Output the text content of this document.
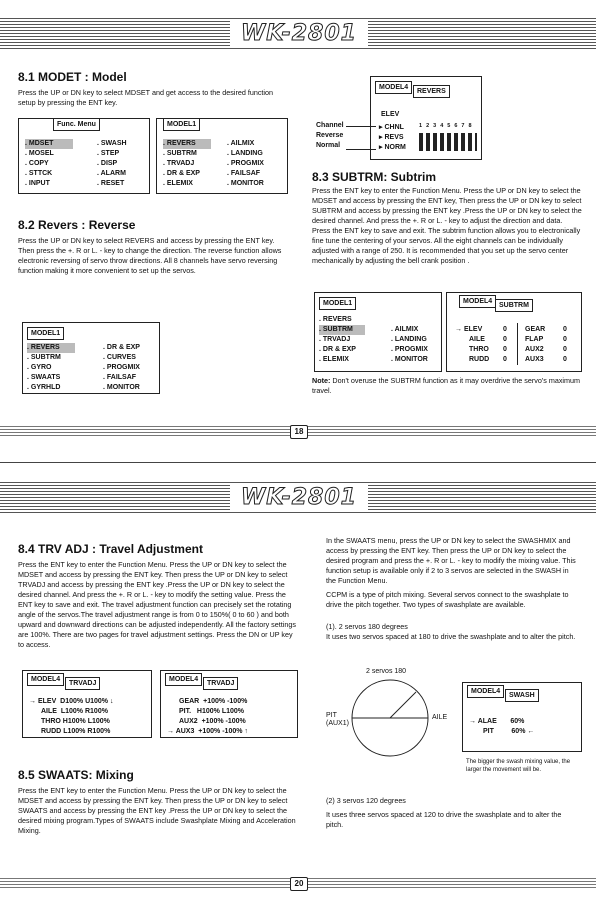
WK-2801
8.1 MODET : Model

Press the UP or DN key to select MDSET and get access to the desired function setup by pressing the ENT key.

Func. Menu
. MDSET
. MOSEL
. COPY
. STTCK
. INPUT
. SWASH
. STEP
. DISP
. ALARM
. RESET
MODEL1
. REVERS
. SUBTRM
. TRVADJ
. DR & EXP
. ELEMIX
. AILMIX
. LANDING
. PROGMIX
. FAILSAF
. MONITOR
MODEL4
REVERS
ELEV
▸ CHNL
▸ REVS
▸ NORM
12345678
Channel
Reverse
Normal
8.2 Revers : Reverse

Press the UP or DN key to select REVERS and access by pressing the ENT key. Then press the +. R or L. - key to change the direction. The reverse function allows electronic reversing of servo throw directions. All 8 channels have servo reversing function making it more convenient to set up the servos.

MODEL1
. REVERS
. SUBTRM
. GYRO
. SWAATS
. GYRHLD
. DR & EXP
. CURVES
. PROGMIX
. FAILSAF
. MONITOR
8.3 SUBTRM: Subtrim

Press the ENT key to enter the Function Menu. Press the UP or DN key to select the MDSET and access by pressing the ENT key, Then press the UP or DN key to select SUBTRM and access by pressing the ENT key .Press the UP or DN key to select the desired channel. And press the +. R or L. - key to adjust the direction and data. Press the ENT key to save and exit. The subtrim function allows you to electronically fine tune the centering of your servos. All the eight channels can be individually adjusted with a range of 250. It is recommended that you set up the servo center mechanically by adjusting the bell crank position .

MODEL1
. REVERS
. SUBTRM
. TRVADJ
. DR & EXP
. ELEMIX
. AILMIX
. LANDING
. PROGMIX
. MONITOR
MODEL4
SUBTRM
→ ELEV
AILE
THRO
RUDD
0
0
0
0
GEAR
FLAP
AUX2
AUX3
0
0
0
0

Note: Don't overuse the SUBTRM function as it may overdrive the servo's maximum travel.

18
WK-2801
8.4 TRV ADJ : Travel Adjustment

Press the ENT key to enter the Function Menu. Press the UP or DN key to select the MDSET and access by pressing the ENT key. Then press the UP or DN key to select TRVADJ and access by pressing the ENT key .Press the UP or DN key to select the desired channel. And press the +. R or L. - key to modify the setting value. Press the ENT key to save and exit. The travel adjustment function can precisely set the rotating angle of the servos.The travel adjustment range is from 0 to 150%( 0 to 60 ) and both upward and downward directions can be adjusted independently. All the factory settings are 100%. There are two pages for travel adjustment settings. Press the DN or UP key to access.

MODEL4
TRVADJ
→ ELEV D100% U100% ↓
AILE L100% R100%
THRO H100% L100%
RUDD L100% R100%
MODEL4
TRVADJ
GEAR +100% -100%
PIT. H100% L100%
AUX2 +100% -100%
→ AUX3 +100% -100% ↑
8.5 SWAATS: Mixing

Press the ENT key to enter the Function Menu. Press the UP or DN key to select the MDSET and access by pressing the ENT key. Then press the UP or DN key to select SWAATS and access by pressing the ENT key .Press the UP or DN key to select the desired mixing program.Types of SWAATS include Swashplate Mixing and Acceleration Mixing.

In the SWAATS menu, press the UP or DN key to select the SWASHMIX and access by pressing the ENT key. Then press the UP or DN key to select the desired program and press the +. R or L. - key to modify the mixing value. This function setup is available only if 2 to 3 servos are selected in the SWASH in the Function Menu.

CCPM is a type of pitch mixing. Several servos connect to the swashplate to drive the pitch together. Two types of swashplate are available.

(1). 2 servos 180 degrees

It uses two servos spaced at 180 to drive the swashplate and to alter the pitch.

2 servos 180
PIT
(AUX1)
AILE
MODEL4
SWASH
→ ALAE 60%
PIT	60% ←

The bigger the swash mixing value, the larger the movement will be.

(2) 3 servos 120 degrees

It uses three servos spaced at 120 to drive the swashplate and to alter the pitch.

20
